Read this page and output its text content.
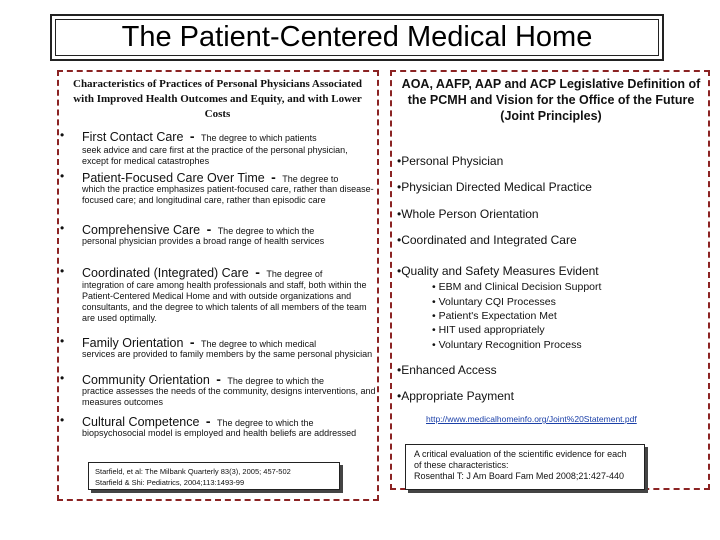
The Patient-Centered Medical Home
Characteristics of Practices of Personal Physicians Associated with Improved Health Outcomes and Equity, and with Lower Costs
• First Contact Care - The degree to which patients
seek advice and care first at the practice of the personal physician, except for medical catastrophes
• Patient-Focused Care Over Time - The degree to
which the practice emphasizes patient-focused care, rather than disease-focused care; and longitudinal care, rather than episodic care
• Comprehensive Care - The degree to which the
personal physician provides a broad range of health services
• Coordinated (Integrated) Care - The degree of
integration of care among health professionals and staff, both within the Patient-Centered Medical Home and with outside organizations and consultants, and the degree to which talents of all members of the team are used optimally.
• Family Orientation - The degree to which medical
services are provided to family members by the same personal physician
• Community Orientation - The degree to which the
practice assesses the needs of the community, designs interventions, and measures outcomes
• Cultural Competence - The degree to which the
biopsychosocial model is employed and health beliefs are addressed
Starfield, et al: The Milbank Quarterly 83(3), 2005; 457-502
Starfield & Shi: Pediatrics, 2004;113:1493-99
AOA, AAFP, AAP and ACP Legislative Definition of the PCMH and Vision for the Office of the Future (Joint Principles)
•Personal Physician
•Physician Directed Medical Practice
•Whole Person Orientation
•Coordinated and Integrated Care
•Quality and Safety Measures Evident
• EBM and Clinical Decision Support
• Voluntary CQI Processes
• Patient's Expectation Met
• HIT used appropriately
• Voluntary Recognition Process
•Enhanced Access
•Appropriate Payment
http://www.medicalhomeinfo.org/Joint%20Statement.pdf
A critical evaluation of the scientific evidence for each of these characteristics:
Rosenthal T: J Am Board Fam Med 2008;21:427-440
